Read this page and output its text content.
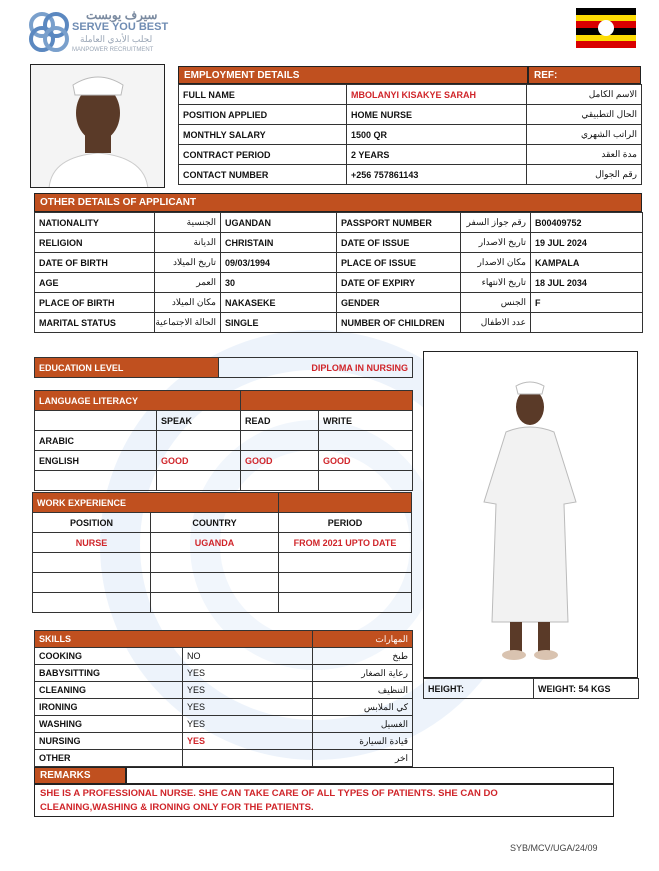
سيرف يوبست
SERVE YOU BEST
لجلب الأيدي العاملة
MANPOWER RECRUITMENT
EMPLOYMENT DETAILS	REF:
FULL NAME	MBOLANYI KISAKYE SARAH	الاسم الكامل
POSITION APPLIED	HOME NURSE	الحال التطبيقي
MONTHLY SALARY	1500 QR	الراتب الشهري
CONTRACT PERIOD	2 YEARS	مدة العقد
CONTACT NUMBER	+256 757861143	رقم الجوال
OTHER DETAILS OF APPLICANT
NATIONALITY	الجنسية	UGANDAN	PASSPORT NUMBER	رقم جواز السفر	B00409752
RELIGION	الديانة	CHRISTAIN	DATE OF ISSUE	تاريخ الاصدار	19 JUL 2024
DATE OF BIRTH	تاريخ الميلاد	09/03/1994	PLACE OF ISSUE	مكان الاصدار	KAMPALA
AGE	العمر	30	DATE OF EXPIRY	تاريخ الانتهاء	18 JUL 2034
PLACE OF BIRTH	مكان الميلاد	NAKASEKE	GENDER	الجنس	F
MARITAL STATUS	الحالة الاجتماعية	SINGLE	NUMBER OF CHILDREN	عدد الاطفال	
EDUCATION LEVEL	DIPLOMA IN NURSING
LANGUAGE LITERACY			
	SPEAK	READ	WRITE
ARABIC			
ENGLISH	GOOD	GOOD	GOOD

WORK EXPERIENCE		
POSITION	COUNTRY	PERIOD
NURSE	UGANDA	FROM 2021 UPTO DATE

SKILLS		المهارات
COOKING	NO	طبخ
BABYSITTING	YES	رعاية الصغار
CLEANING	YES	التنظيف
IRONING	YES	كي الملابس
WASHING	YES	الغسيل
NURSING	YES	قيادة السيارة
OTHER		اخر
HEIGHT:	WEIGHT: 54 KGS
REMARKS
SHE IS A PROFESSIONAL NURSE. SHE CAN TAKE CARE OF ALL TYPES OF PATIENTS. SHE CAN DO
CLEANING,WASHING & IRONING ONLY FOR THE PATIENTS.
SYB/MCV/UGA/24/09
